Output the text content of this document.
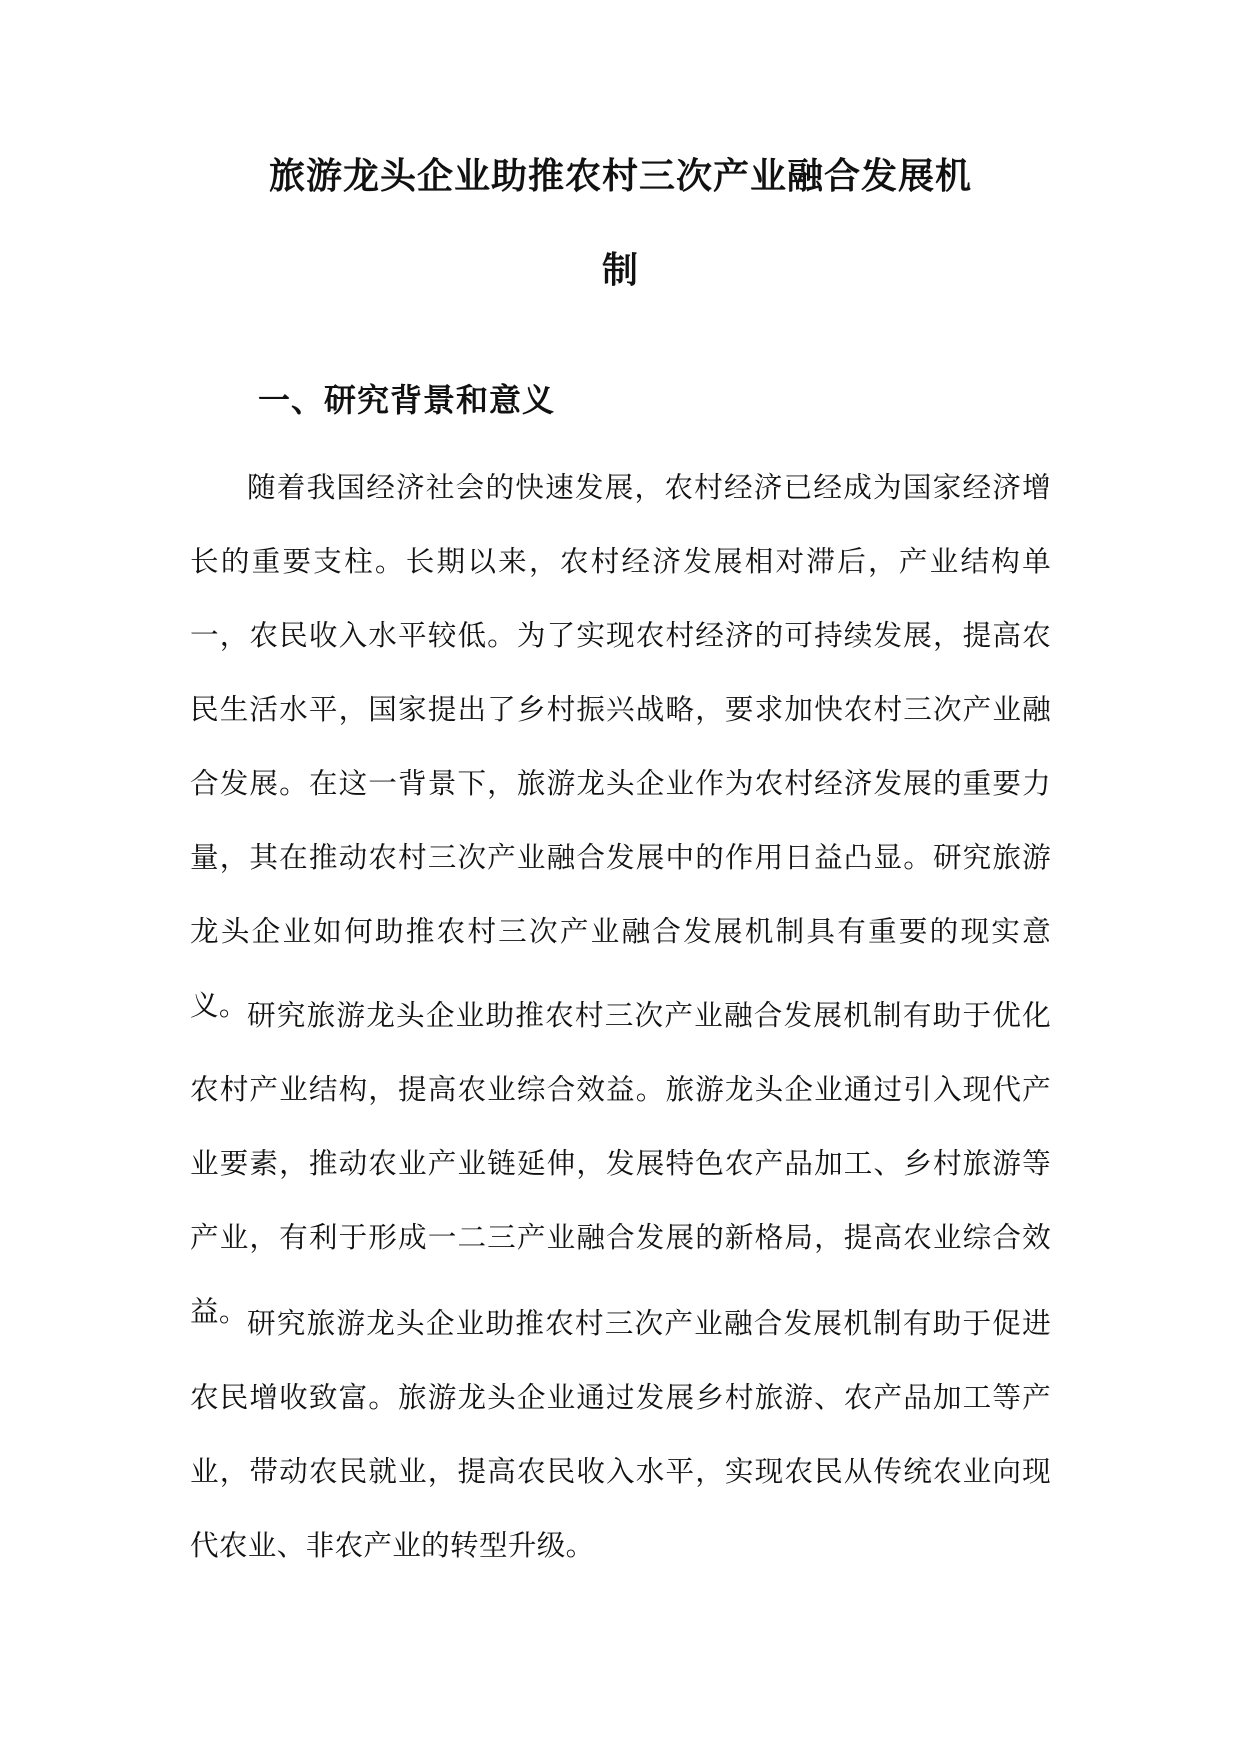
旅游龙头企业助推农村三次产业融合发展机
制
一、研究背景和意义
随着我国经济社会的快速发展，农村经济已经成为国家经济增长的重要支柱。长期以来，农村经济发展相对滞后，产业结构单一，农民收入水平较低。为了实现农村经济的可持续发展，提高农民生活水平，国家提出了乡村振兴战略，要求加快农村三次产业融合发展。在这一背景下，旅游龙头企业作为农村经济发展的重要力量，其在推动农村三次产业融合发展中的作用日益凸显。研究旅游龙头企业如何助推农村三次产业融合发展机制具有重要的现实意义。 研究旅游龙头企业助推农村三次产业融合发展机制有助于优化农村产业结构，提高农业综合效益。旅游龙头企业通过引入现代产业要素，推动农业产业链延伸，发展特色农产品加工、乡村旅游等产业，有利于形成一二三产业融合发展的新格局，提高农业综合效益。 研究旅游龙头企业助推农村三次产业融合发展机制有助于促进农民增收致富。旅游龙头企业通过发展乡村旅游、农产品加工等产业，带动农民就业，提高农民收入水平，实现农民从传统农业向现代农业、非农产业的转型升级。
